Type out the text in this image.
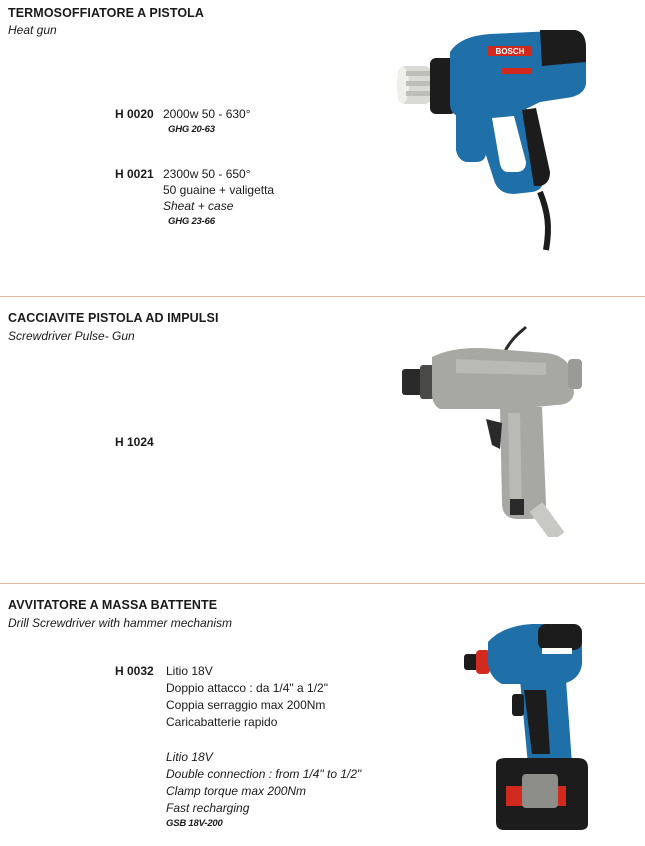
TERMOSOFFIATORE A PISTOLA
Heat gun
H 0020 2000w 50 - 630°
GHG 20-63
H 0021 2300w 50 - 650°
50 guaine + valigetta
Sheat + case
GHG 23-66
BOSCH
CACCIAVITE PISTOLA AD IMPULSI
Screwdriver Pulse- Gun
H 1024
AVVITATORE A MASSA BATTENTE
Drill Screwdriver with hammer mechanism
H 0032 Litio 18V
Doppio attacco : da 1/4" a 1/2"
Coppia serraggio max 200Nm
Caricabatterie rapido
Litio 18V
Double connection : from 1/4" to 1/2"
Clamp torque max 200Nm
Fast recharging
GSB 18V-200
